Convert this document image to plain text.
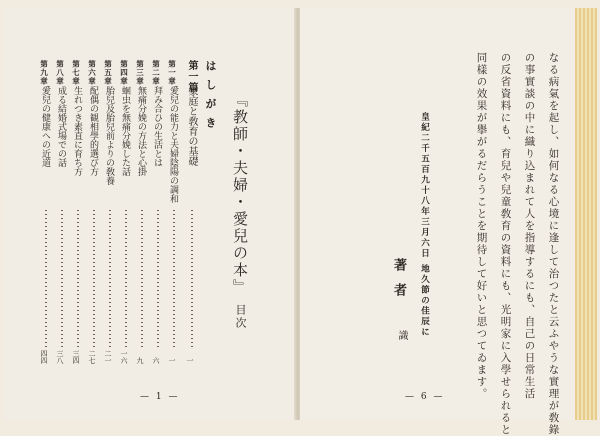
『教師・夫婦・愛兒の本』目次
はしがき
第一篇
家庭と敎育の基礎
一
第一章
愛兒の能力と夫婦陰陽の調和
一
第二章
拜み合ひの生活とは
六
第三章
無痛分娩の方法と心掛
九
第四章
蛔虫を無痛分娩した話
一六
第五章
胎兒及胎兒前よりの敎養
二一
第六章
配偶の観相學的選び方
二七
第七章
生れつき素直に育ち方
三四
第八章
成る結婚式場での話
三八
第九章
愛兒の健康への近道
四四
— 1 —	なる病氣を起し、如何なる心境に逢して治つたと云ふやうな實理が敎錄
の事實談の中に織り込まれて人を指導するにも、自己の日常生活
の反省資料にも、育兒や兒童敎育の資料にも、光明家に入學せられると
同樣の效果が擧がるだらうことを期待して好いと思つてゐます。
皇紀二千五百九十八年三月六日 地久節の佳辰に
著者
識
— 6 —
